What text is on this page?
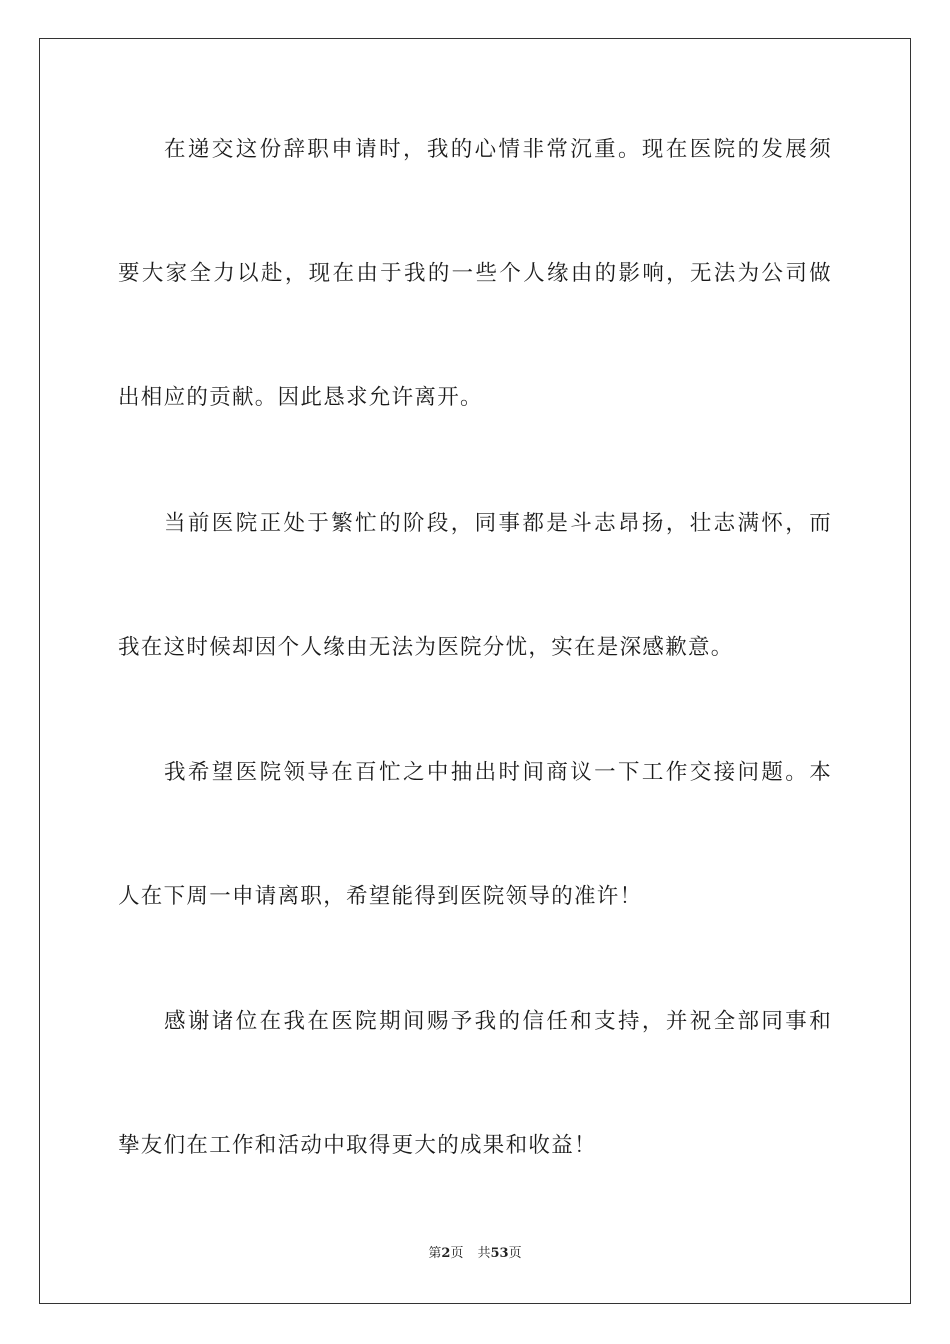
在递交这份辞职申请时，我的心情非常沉重。现在医院的发展须
要大家全力以赴，现在由于我的一些个人缘由的影响，无法为公司做
出相应的贡献。因此恳求允许离开。
当前医院正处于繁忙的阶段，同事都是斗志昂扬，壮志满怀，而
我在这时候却因个人缘由无法为医院分忧，实在是深感歉意。
我希望医院领导在百忙之中抽出时间商议一下工作交接问题。本
人在下周一申请离职，希望能得到医院领导的准许！
感谢诸位在我在医院期间赐予我的信任和支持，并祝全部同事和
挚友们在工作和活动中取得更大的成果和收益！
第2页 共53页
